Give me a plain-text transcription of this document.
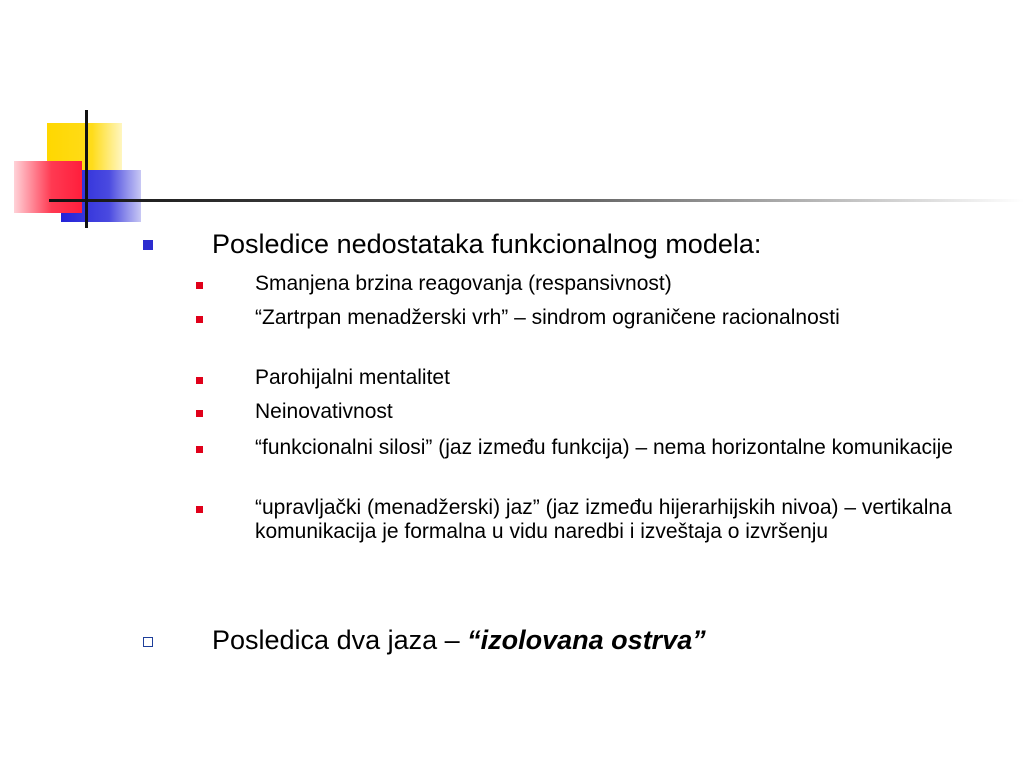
Posledice nedostataka funkcionalnog modela:
Smanjena brzina reagovanja (respansivnost)
“Zartrpan menadžerski vrh” – sindrom ograničene racionalnosti
Parohijalni mentalitet
Neinovativnost
“funkcionalni silosi” (jaz između funkcija) – nema horizontalne komunikacije
“upravljački (menadžerski) jaz” (jaz između hijerarhijskih nivoa) – vertikalna komunikacija je formalna u vidu naredbi i izveštaja o izvršenju
Posledica dva jaza – “izolovana ostrva”
